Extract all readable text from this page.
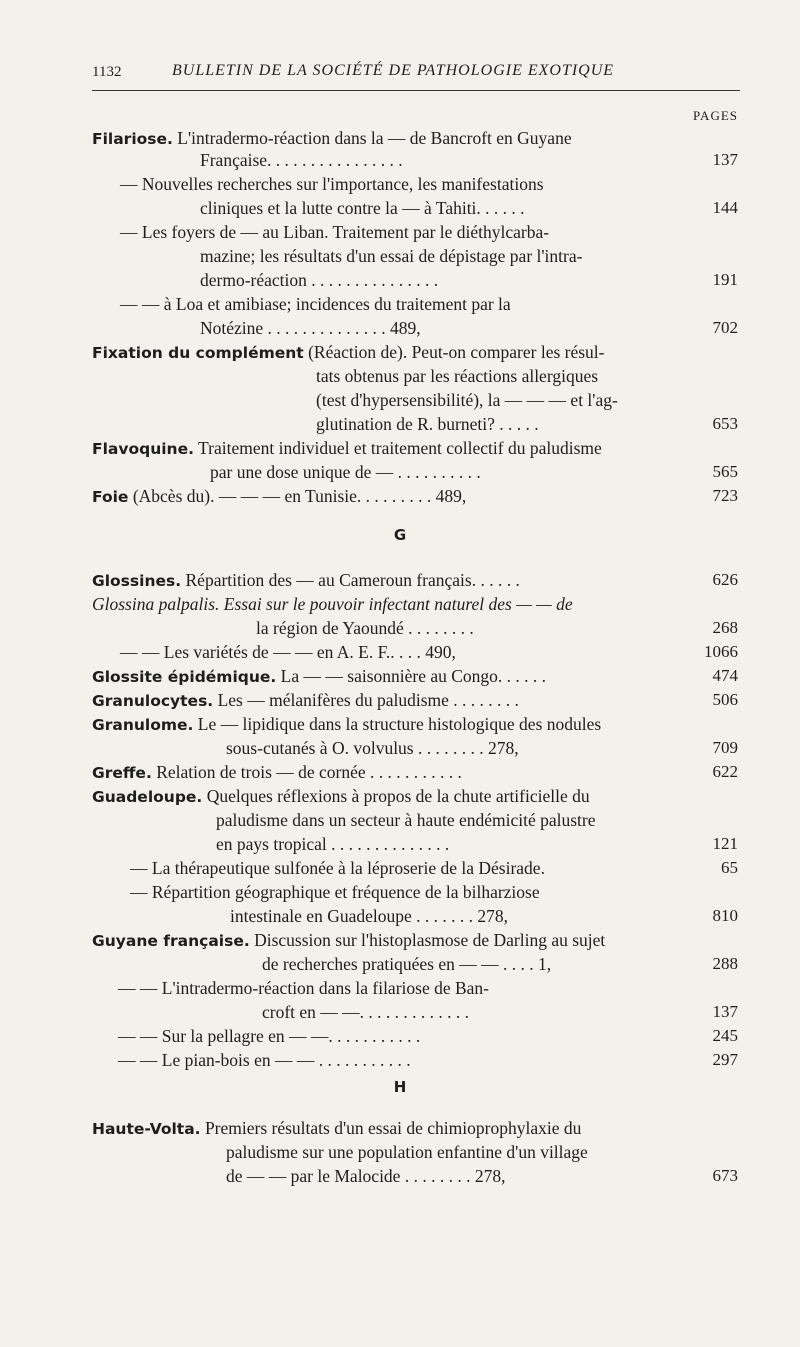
1132	BULLETIN DE LA SOCIÉTÉ DE PATHOLOGIE EXOTIQUE
PAGES
Filariose. L'intradermo-réaction dans la — de Bancroft en Guyane
Française. . . . . . . . . . . . . . . .	137
— Nouvelles recherches sur l'importance, les manifestations
cliniques et la lutte contre la — à Tahiti. . . . . .	144
— Les foyers de — au Liban. Traitement par le diéthylcarba-
mazine; les résultats d'un essai de dépistage par l'intra-
dermo-réaction . . . . . . . . . . . . . . .	191
— — à Loa et amibiase; incidences du traitement par la
Notézine . . . . . . . . . . . . . . 489,	702
Fixation du complément (Réaction de). Peut-on comparer les résul-
tats obtenus par les réactions allergiques
(test d'hypersensibilité), la — — — et l'ag-
glutination de R. burneti? . . . . .	653
Flavoquine. Traitement individuel et traitement collectif du paludisme
par une dose unique de — . . . . . . . . . .	565
Foie (Abcès du). — — — en Tunisie. . . . . . . . . 489,	723
G
Glossines. Répartition des — au Cameroun français. . . . . .	626
Glossina palpalis. Essai sur le pouvoir infectant naturel des — — de
la région de Yaoundé . . . . . . . .	268
— — Les variétés de — — en A. E. F.. . . . 490,	1066
Glossite épidémique. La — — saisonnière au Congo. . . . . .	474
Granulocytes. Les — mélanifères du paludisme . . . . . . . .	506
Granulome. Le — lipidique dans la structure histologique des nodules
sous-cutanés à O. volvulus . . . . . . . . 278,	709
Greffe. Relation de trois — de cornée . . . . . . . . . . .	622
Guadeloupe. Quelques réflexions à propos de la chute artificielle du
paludisme dans un secteur à haute endémicité palustre
en pays tropical . . . . . . . . . . . . . .	121
— La thérapeutique sulfonée à la léproserie de la Désirade.	65
— Répartition géographique et fréquence de la bilharziose
intestinale en Guadeloupe . . . . . . . 278,	810
Guyane française. Discussion sur l'histoplasmose de Darling au sujet
de recherches pratiquées en — — . . . . 1,	288
— — L'intradermo-réaction dans la filariose de Ban-
croft en — —. . . . . . . . . . . . .	137
— — Sur la pellagre en — —. . . . . . . . . . .	245
— — Le pian-bois en — — . . . . . . . . . . .	297
H
Haute-Volta. Premiers résultats d'un essai de chimioprophylaxie du
paludisme sur une population enfantine d'un village
de — — par le Malocide . . . . . . . . 278,	673
